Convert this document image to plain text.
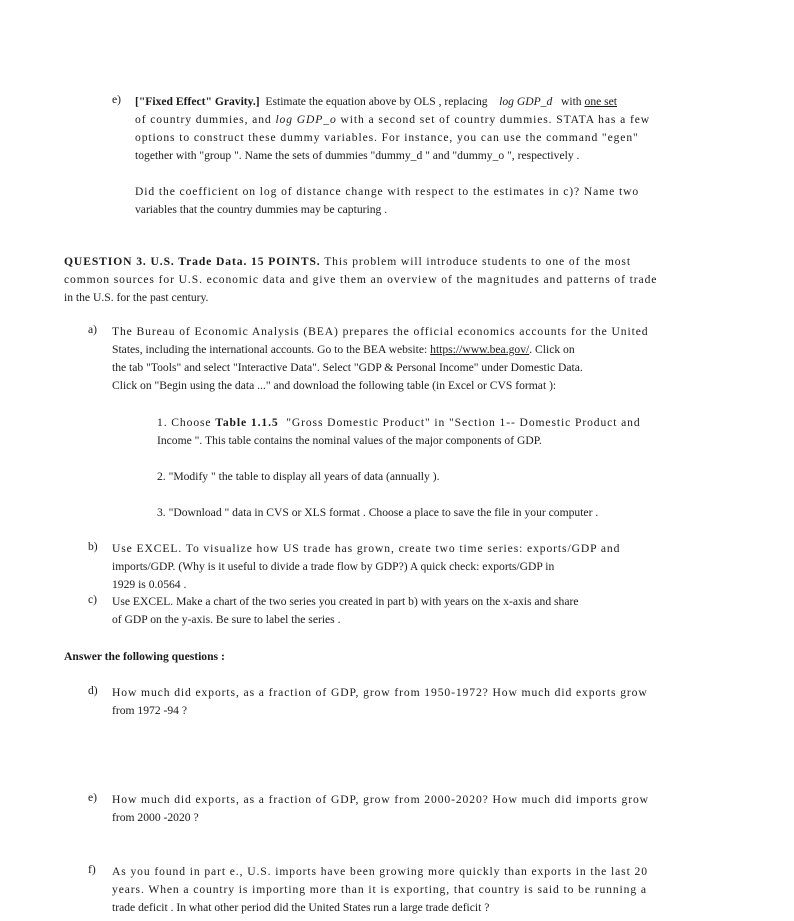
e) ["Fixed Effect" Gravity.] Estimate the equation above by OLS , replacing log GDP_d with one set
of country dummies, and log GDP_o with a second set of country dummies. STATA has a few
options to construct these dummy variables. For instance, you can use the command "egen"
together with "group ". Name the sets of dummies "dummy_d " and "dummy_o ", respectively .
Did the coefficient on log of distance change with respect to the estimates in c)? Name two
variables that the country dummies may be capturing .
QUESTION 3. U.S. Trade Data. 15 POINTS. This problem will introduce students to one of the most
common sources for U.S. economic data and give them an overview of the magnitudes and patterns of trade
in the U.S. for the past century.
a) The Bureau of Economic Analysis (BEA) prepares the official economics accounts for the United
States, including the international accounts. Go to the BEA website: https://www.bea.gov/. Click on
the tab "Tools" and select "Interactive Data". Select "GDP & Personal Income" under Domestic Data.
Click on "Begin using the data ..." and download the following table (in Excel or CVS format ):
1. Choose Table 1.1.5 "Gross Domestic Product" in "Section 1-- Domestic Product and
Income ". This table contains the nominal values of the major components of GDP.
2. "Modify " the table to display all years of data (annually ).
3. "Download " data in CVS or XLS format . Choose a place to save the file in your computer .
b) Use EXCEL. To visualize how US trade has grown, create two time series: exports/GDP and
imports/GDP. (Why is it useful to divide a trade flow by GDP?) A quick check: exports/GDP in
1929 is 0.0564 .
c) Use EXCEL. Make a chart of the two series you created in part b) with years on the x-axis and share
of GDP on the y-axis. Be sure to label the series .
Answer the following questions :
d) How much did exports, as a fraction of GDP, grow from 1950-1972? How much did exports grow
from 1972 -94 ?
e) How much did exports, as a fraction of GDP, grow from 2000-2020? How much did imports grow
from 2000 -2020 ?
f) As you found in part e., U.S. imports have been growing more quickly than exports in the last 20
years. When a country is importing more than it is exporting, that country is said to be running a
trade deficit . In what other period did the United States run a large trade deficit ?
